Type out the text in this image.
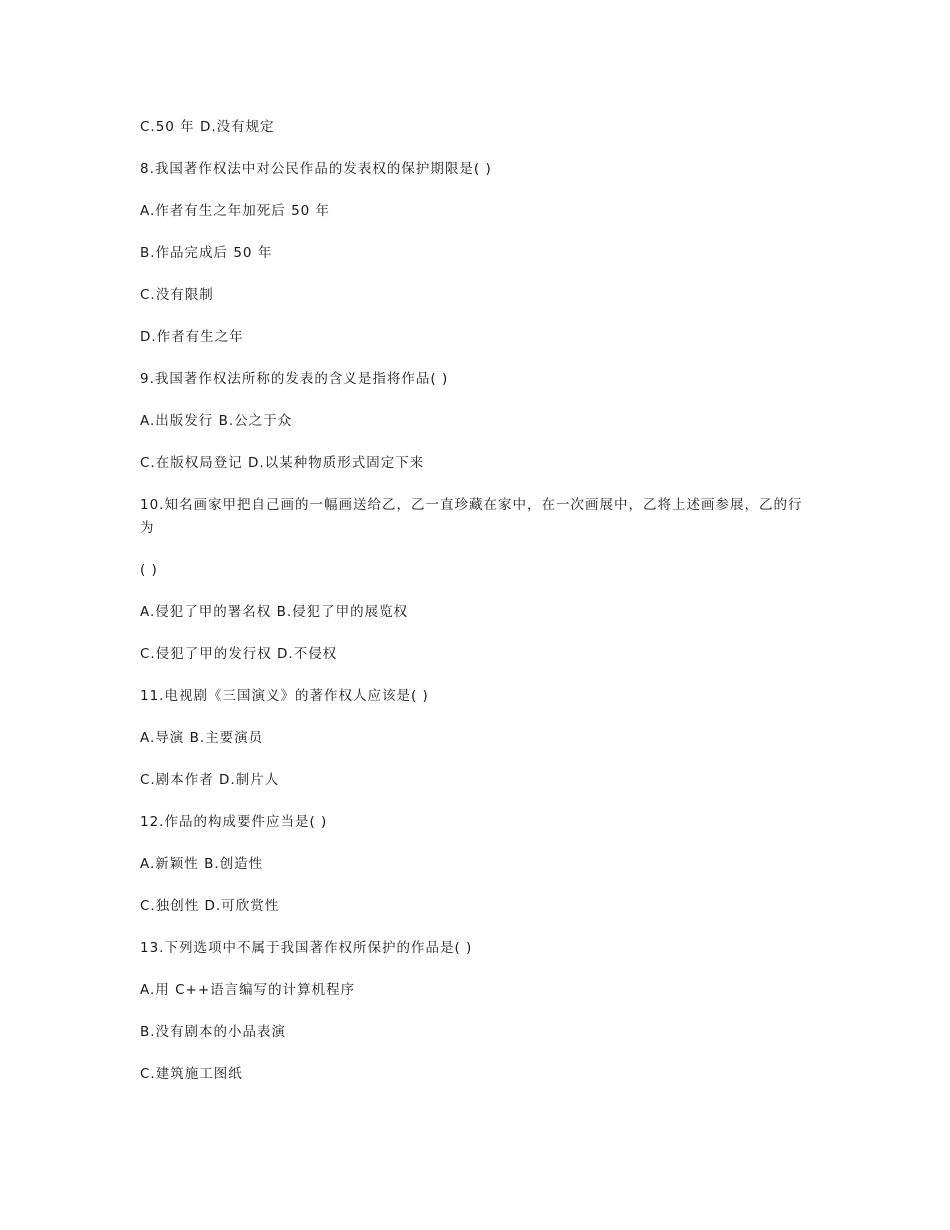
C.50 年 D.没有规定

8.我国著作权法中对公民作品的发表权的保护期限是( )

A.作者有生之年加死后 50 年

B.作品完成后 50 年

C.没有限制

D.作者有生之年

9.我国著作权法所称的发表的含义是指将作品( )

A.出版发行 B.公之于众

C.在版权局登记 D.以某种物质形式固定下来

10.知名画家甲把自己画的一幅画送给乙，乙一直珍藏在家中，在一次画展中，乙将上述画参展，乙的行为

( )

A.侵犯了甲的署名权 B.侵犯了甲的展览权

C.侵犯了甲的发行权 D.不侵权

11.电视剧《三国演义》的著作权人应该是( )

A.导演 B.主要演员

C.剧本作者 D.制片人

12.作品的构成要件应当是( )

A.新颖性 B.创造性

C.独创性 D.可欣赏性

13.下列选项中不属于我国著作权所保护的作品是( )

A.用 C++语言编写的计算机程序

B.没有剧本的小品表演

C.建筑施工图纸
